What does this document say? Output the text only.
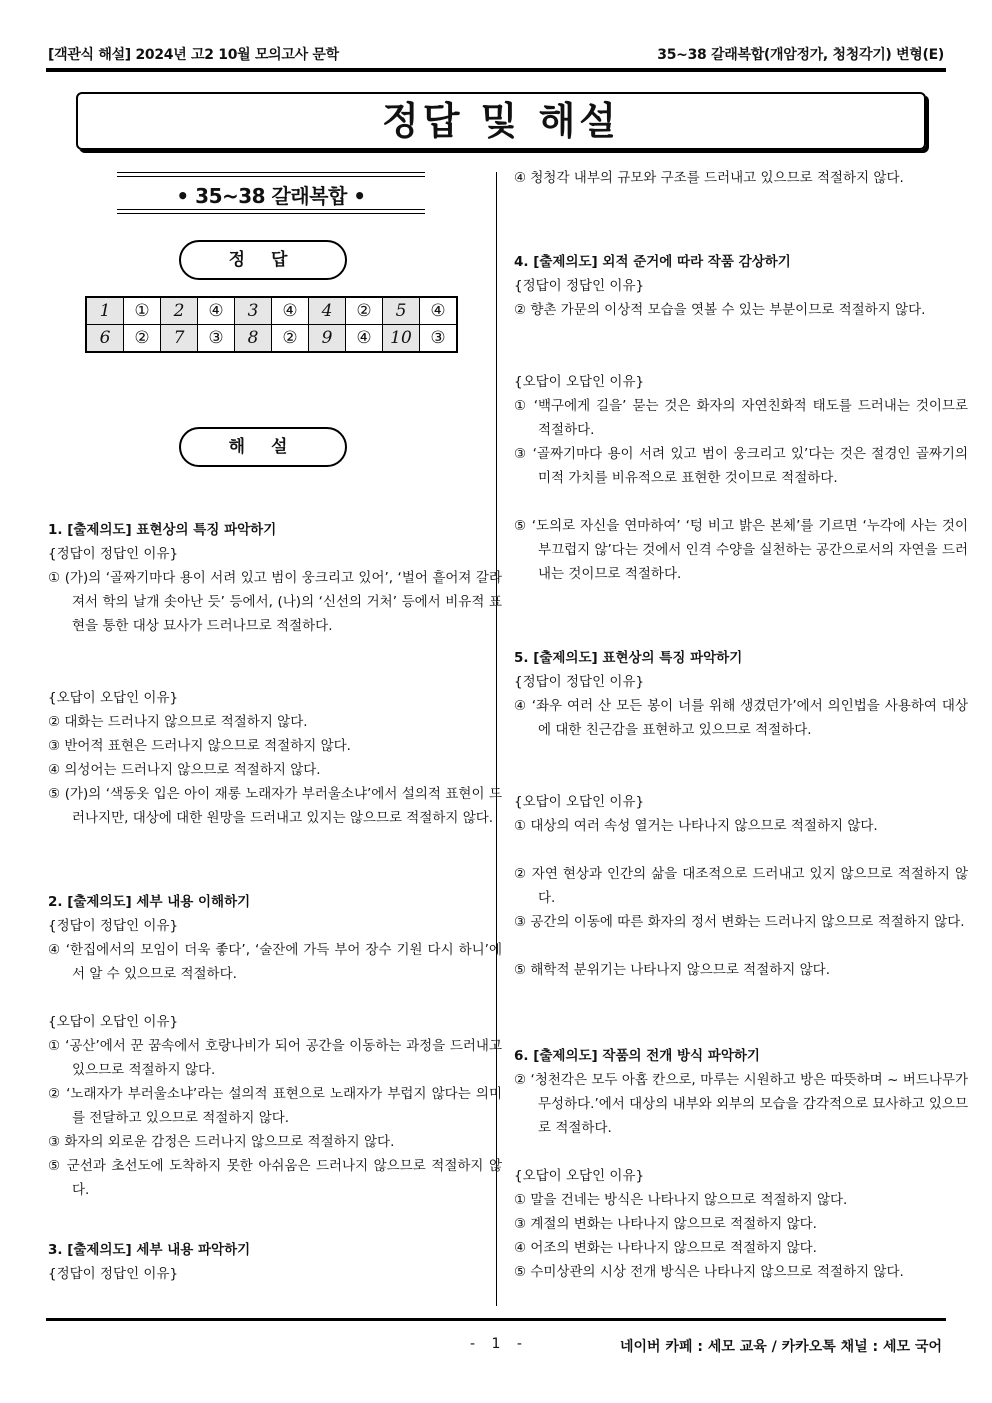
[객관식 해설] 2024년 고2 10월 모의고사 문학	35~38 갈래복합(개암정가, 청청각기) 변형(E)
정답 및 해설
• 35~38 갈래복합 •
정 답
1	①	2	④	3	④	4	②	5	④
6	②	7	③	8	②	9	④	10	③
해 설
1. [출제의도] 표현상의 특징 파악하기
{정답이 정답인 이유}
① (가)의 ‘골짜기마다 용이 서려 있고 범이 웅크리고 있어’, ‘벌어 흩어져 갈라져서 학의 날개 솟아난 듯’ 등에서, (나)의 ‘신선의 거처’ 등에서 비유적 표현을 통한 대상 묘사가 드러나므로 적절하다.
{오답이 오답인 이유}
② 대화는 드러나지 않으므로 적절하지 않다.
③ 반어적 표현은 드러나지 않으므로 적절하지 않다.
④ 의성어는 드러나지 않으므로 적절하지 않다.
⑤ (가)의 ‘색동옷 입은 아이 재롱 노래자가 부러울소냐’에서 설의적 표현이 드러나지만, 대상에 대한 원망을 드러내고 있지는 않으므로 적절하지 않다.
2. [출제의도] 세부 내용 이해하기
{정답이 정답인 이유}
④ ‘한집에서의 모임이 더욱 좋다’, ‘술잔에 가득 부어 장수 기원 다시 하니’에서 알 수 있으므로 적절하다.
{오답이 오답인 이유}
① ‘공산’에서 꾼 꿈속에서 호랑나비가 되어 공간을 이동하는 과정을 드러내고 있으므로 적절하지 않다.
② ‘노래자가 부러울소냐’라는 설의적 표현으로 노래자가 부럽지 않다는 의미를 전달하고 있으므로 적절하지 않다.
③ 화자의 외로운 감정은 드러나지 않으므로 적절하지 않다.
⑤ 군선과 초선도에 도착하지 못한 아쉬움은 드러나지 않으므로 적절하지 않다.
3. [출제의도] 세부 내용 파악하기
{정답이 정답인 이유}
④ 청청각 내부의 규모와 구조를 드러내고 있으므로 적절하지 않다.
4. [출제의도] 외적 준거에 따라 작품 감상하기
{정답이 정답인 이유}
② 향촌 가문의 이상적 모습을 엿볼 수 있는 부분이므로 적절하지 않다.
{오답이 오답인 이유}
① ‘백구에게 길을’ 묻는 것은 화자의 자연친화적 태도를 드러내는 것이므로 적절하다.
③ ‘골짜기마다 용이 서려 있고 범이 웅크리고 있’다는 것은 절경인 골짜기의 미적 가치를 비유적으로 표현한 것이므로 적절하다.
⑤ ‘도의로 자신을 연마하여’ ‘텅 비고 밝은 본체’를 기르면 ‘누각에 사는 것이 부끄럽지 않’다는 것에서 인격 수양을 실천하는 공간으로서의 자연을 드러내는 것이므로 적절하다.
5. [출제의도] 표현상의 특징 파악하기
{정답이 정답인 이유}
④ ‘좌우 여러 산 모든 봉이 너를 위해 생겼던가’에서 의인법을 사용하여 대상에 대한 친근감을 표현하고 있으므로 적절하다.
{오답이 오답인 이유}
① 대상의 여러 속성 열거는 나타나지 않으므로 적절하지 않다.
② 자연 현상과 인간의 삶을 대조적으로 드러내고 있지 않으므로 적절하지 않다.
③ 공간의 이동에 따른 화자의 정서 변화는 드러나지 않으므로 적절하지 않다.
⑤ 해학적 분위기는 나타나지 않으므로 적절하지 않다.
6. [출제의도] 작품의 전개 방식 파악하기
② ‘청천각은 모두 아홉 칸으로, 마루는 시원하고 방은 따뜻하며 ~ 버드나무가 무성하다.’에서 대상의 내부와 외부의 모습을 감각적으로 묘사하고 있으므로 적절하다.
{오답이 오답인 이유}
① 말을 건네는 방식은 나타나지 않으므로 적절하지 않다.
③ 계절의 변화는 나타나지 않으므로 적절하지 않다.
④ 어조의 변화는 나타나지 않으므로 적절하지 않다.
⑤ 수미상관의 시상 전개 방식은 나타나지 않으므로 적절하지 않다.
- 1 -	네이버 카페 : 세모 교육 / 카카오톡 채널 : 세모 국어
